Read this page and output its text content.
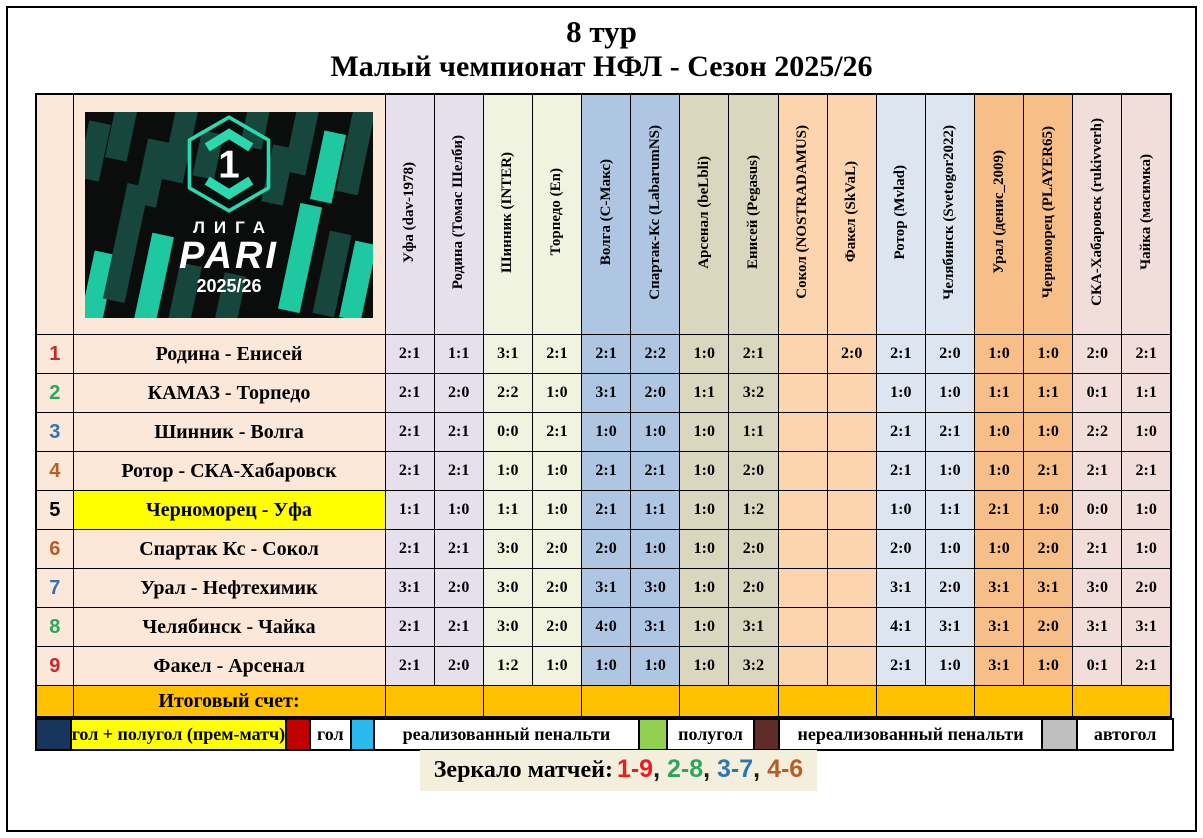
8 тур
Малый чемпионат НФЛ - Сезон 2025/26

1
ЛИГА
PARI
2025/26	Уфа (dav-1978)	Родина (Томас Шелби)	Шинник (INTER)	Торпедо (En)	Волга (С-Макс)	Спартак-Кс (LabarumNS)	Арсенал (beLbli)	Енисей (Pegasus)	Сокол (NOSTRADAMUS)	Факел (SkVaL)	Ротор (Mvlad)	Челябинск (Svetogor2022)	Урал (денис_2009)	Черноморец (PLAYER65)	СКА-Хабаровск (rukivverh)	Чайка (масимка)
1	Родина - Енисей	2:1	1:1	3:1	2:1	2:1	2:2	1:0	2:1		2:0	2:1	2:0	1:0	1:0	2:0	2:1
2	КАМАЗ - Торпедо	2:1	2:0	2:2	1:0	3:1	2:0	1:1	3:2			1:0	1:0	1:1	1:1	0:1	1:1
3	Шинник - Волга	2:1	2:1	0:0	2:1	1:0	1:0	1:0	1:1			2:1	2:1	1:0	1:0	2:2	1:0
4	Ротор - СКА-Хабаровск	2:1	2:1	1:0	1:0	2:1	2:1	1:0	2:0			2:1	1:0	1:0	2:1	2:1	2:1
5	Черноморец - Уфа	1:1	1:0	1:1	1:0	2:1	1:1	1:0	1:2			1:0	1:1	2:1	1:0	0:0	1:0
6	Спартак Кс - Сокол	2:1	2:1	3:0	2:0	2:0	1:0	1:0	2:0			2:0	1:0	1:0	2:0	2:1	1:0
7	Урал - Нефтехимик	3:1	2:0	3:0	2:0	3:1	3:0	1:0	2:0			3:1	2:0	3:1	3:1	3:0	2:0
8	Челябинск - Чайка	2:1	2:1	3:0	2:0	4:0	3:1	1:0	3:1			4:1	3:1	3:1	2:0	3:1	3:1
9	Факел - Арсенал	2:1	2:0	1:2	1:0	1:0	1:0	1:0	3:2			2:1	1:0	3:1	1:0	0:1	2:1
	Итоговый счет:																
гол + полугол (прем-матч)	гол	реализованный пенальти	полугол	нереализованный пенальти	автогол
Зеркало матчей: 1-9, 2-8, 3-7, 4-6
